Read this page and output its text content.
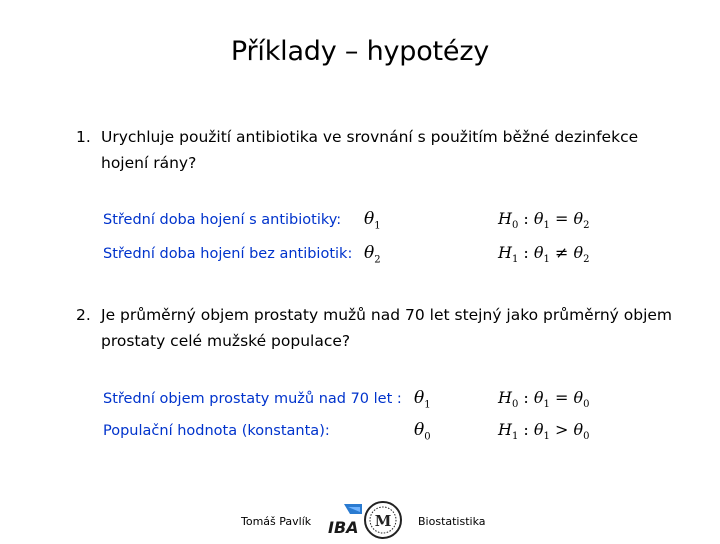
Příklady – hypotézy
1. Urychluje použití antibiotika ve srovnání s použitím běžné dezinfekce
hojení rány?
Střední doba hojení s antibiotiky: $\theta_1$
Střední doba hojení bez antibiotik: $\theta_2$
$H_0$ : $\theta_1 = \theta_2$
$H_1$ : $\theta_1 \ne \theta_2$
2. Je průměrný objem prostaty mužů nad 70 let stejný jako průměrný objem
prostaty celé mužské populace?
Střední objem prostaty mužů nad 70 let : $\theta_1$
Populační hodnota (konstanta):	$\theta_0$
$H_0$ : $\theta_1 = \theta_0$
$H_1$ : $\theta_1 > \theta_0$
Tomáš Pavlík IBA M Biostatistika
